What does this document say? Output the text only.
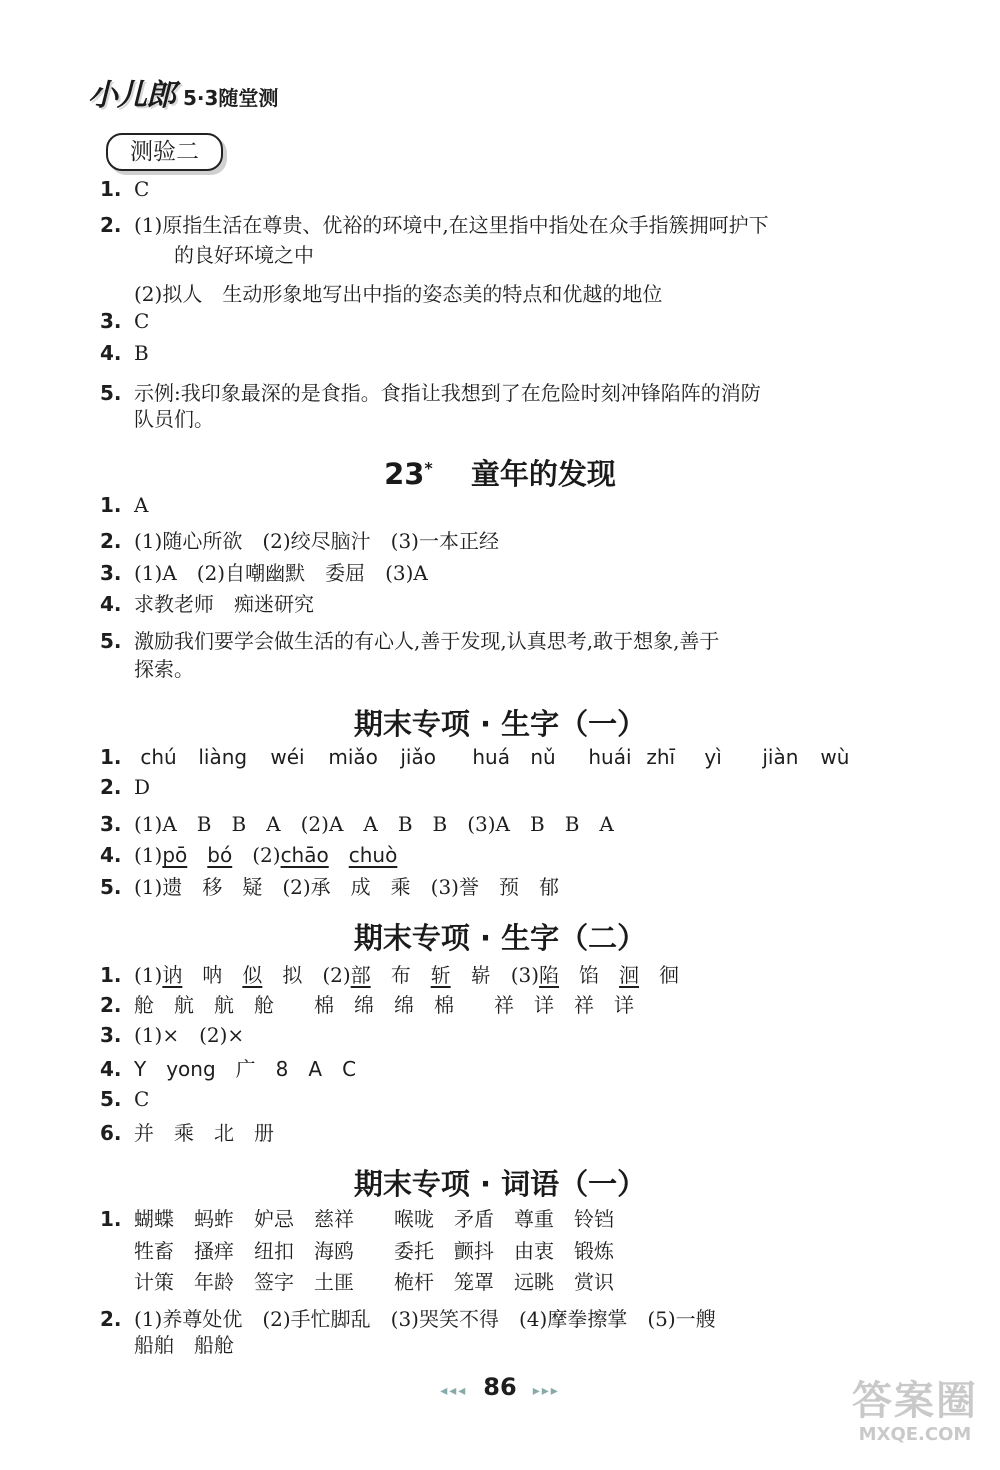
小儿郎 5·3随堂测
测验二
1. C
2. (1)原指生活在尊贵、优裕的环境中,在这里指中指处在众手指簇拥呵护下
的良好环境之中
(2)拟人　生动形象地写出中指的姿态美的特点和优越的地位
3. C
4. B
5. 示例:我印象最深的是食指。食指让我想到了在危险时刻冲锋陷阵的消防
队员们。
23* 童年的发现
1. A
2. (1)随心所欲　(2)绞尽脑汁　(3)一本正经
3. (1)A　(2)自嘲幽默　委屈　(3)A
4. 求教老师　痴迷研究
5. 激励我们要学会做生活的有心人,善于发现,认真思考,敢于想象,善于
探索。
期末专项 · 生字（一）
1. chú liàng wéi miǎo jiǎo huá nǔ huái zhī yì jiàn wù
2. D
3. (1)A　B　B　A　(2)A　A　B　B　(3)A　B　B　A
4. (1)pō　 bó　 (2)chāo　 chuò
5. (1)遗　移　疑　(2)承　成　乘　(3)誉　预　郁
期末专项 · 生字（二）
1. (1)讷　 呐　 似　 拟　 (2)部　 布　 斩　 崭　 (3)陷　 馅　 洄　 徊
2. 舱　 航　 航　 舱　　 棉　 绵　 绵　 棉　　 祥　 详　 祥　 详
3. (1)×　(2)×
4. Y　yong　广　8　A　C
5. C
6. 并　乘　北　册
期末专项 · 词语（一）
1. 蝴蝶　 蚂蚱　 妒忌　 慈祥　　 喉咙　 矛盾　 尊重　 铃铛
牲畜　 搔痒　 纽扣　 海鸥　　 委托　 颤抖　 由衷　 锻炼
计策　 年龄　 签字　 土匪　　 桅杆　 笼罩　 远眺　 赏识
2. (1)养尊处优　(2)手忙脚乱　(3)哭笑不得　(4)摩拳擦掌　(5)一艘
船舶　船舱
◂◂◂ 86 ▸▸▸	答案圈
MXQE.COM
